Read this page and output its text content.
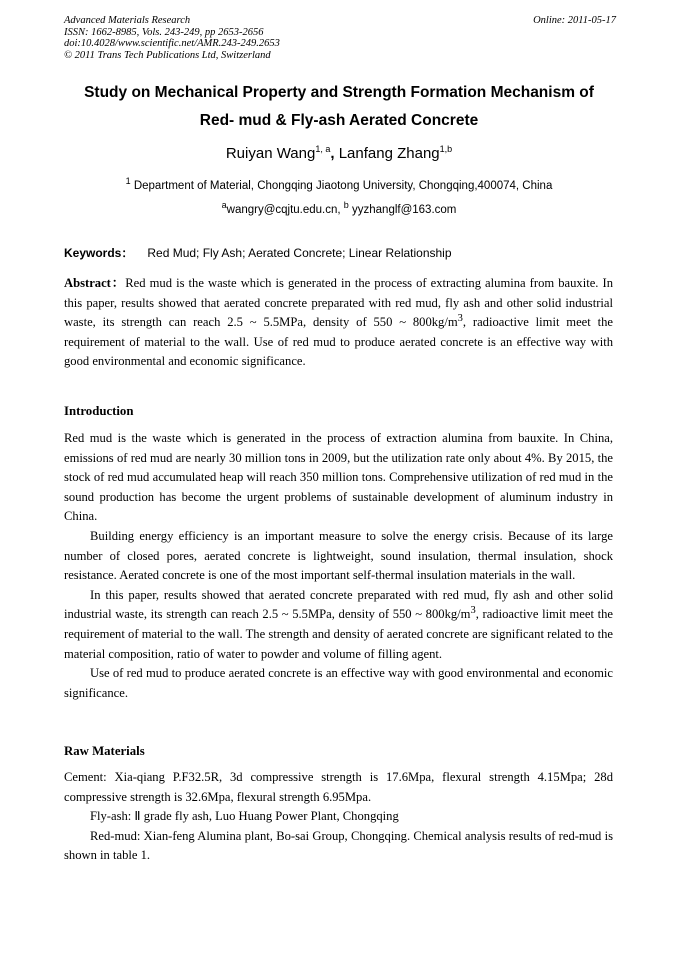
Advanced Materials Research
ISSN: 1662-8985, Vols. 243-249, pp 2653-2656
doi:10.4028/www.scientific.net/AMR.243-249.2653
© 2011 Trans Tech Publications Ltd, Switzerland
Online: 2011-05-17
Study on Mechanical Property and Strength Formation Mechanism of
Red- mud & Fly-ash Aerated Concrete
Ruiyan Wang$^{1, a}$, Lanfang Zhang$^{1,b}$
$^1$ Department of Material, Chongqing Jiaotong University, Chongqing,400074, China
$^a$wangry@cqjtu.edu.cn, $^b$ yyzhanglf@163.com
Keywords： Red Mud; Fly Ash; Aerated Concrete; Linear Relationship

Abstract：Red mud is the waste which is generated in the process of extracting alumina from bauxite. In this paper, results showed that aerated concrete preparated with red mud, fly ash and other solid industrial waste, its strength can reach 2.5 ~ 5.5MPa, density of 550 ~ $800kg/m^3$, radioactive limit meet the requirement of material to the wall. Use of red mud to produce aerated concrete is an effective way with good environmental and economic significance.

Introduction

Red mud is the waste which is generated in the process of extraction alumina from bauxite. In China, emissions of red mud are nearly 30 million tons in 2009, but the utilization rate only about 4%. By 2015, the stock of red mud accumulated heap will reach 350 million tons. Comprehensive utilization of red mud in the sound production has become the urgent problems of sustainable development of aluminum industry in China.

Building energy efficiency is an important measure to solve the energy crisis. Because of its large number of closed pores, aerated concrete is lightweight, sound insulation, thermal insulation, shock resistance. Aerated concrete is one of the most important self-thermal insulation materials in the wall.

In this paper, results showed that aerated concrete preparated with red mud, fly ash and other solid industrial waste, its strength can reach 2.5 ~ 5.5MPa, density of 550 ~ $800kg/m^3$, radioactive limit meet the requirement of material to the wall. The strength and density of aerated concrete are significant related to the material composition, ratio of water to powder and volume of filling agent.

Use of red mud to produce aerated concrete is an effective way with good environmental and economic significance.

Raw Materials

Cement: Xia-qiang P.F32.5R, 3d compressive strength is 17.6Mpa, flexural strength 4.15Mpa; 28d compressive strength is 32.6Mpa, flexural strength 6.95Mpa.

Fly-ash: Ⅱ grade fly ash, Luo Huang Power Plant, Chongqing

Red-mud: Xian-feng Alumina plant, Bo-sai Group, Chongqing. Chemical analysis results of red-mud is shown in table 1.
